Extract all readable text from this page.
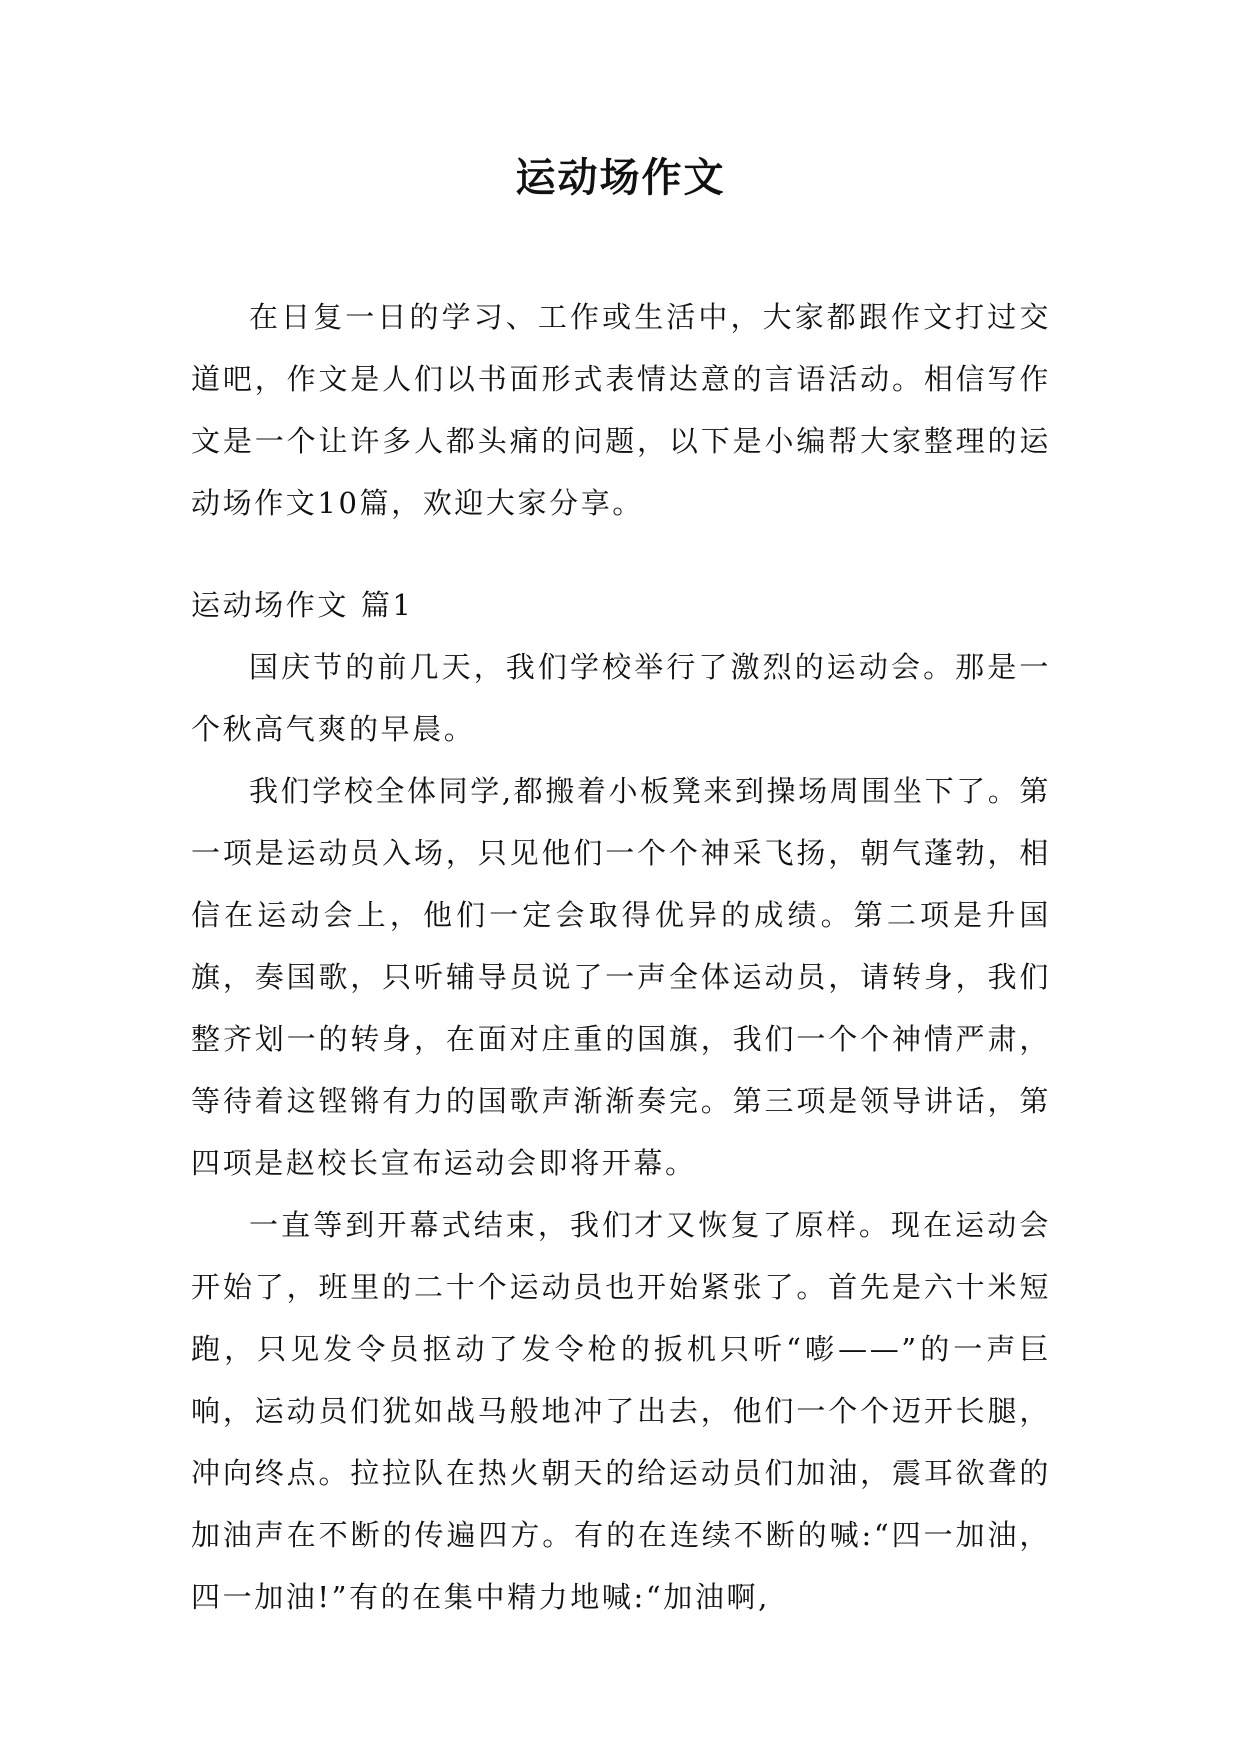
运动场作文

在日复一日的学习、工作或生活中，大家都跟作文打过交道吧，作文是人们以书面形式表情达意的言语活动。相信写作文是一个让许多人都头痛的问题，以下是小编帮大家整理的运动场作文10篇，欢迎大家分享。

运动场作文 篇1

国庆节的前几天，我们学校举行了激烈的运动会。那是一个秋高气爽的早晨。

我们学校全体同学,都搬着小板凳来到操场周围坐下了。第一项是运动员入场，只见他们一个个神采飞扬，朝气蓬勃，相信在运动会上，他们一定会取得优异的成绩。第二项是升国旗，奏国歌，只听辅导员说了一声全体运动员，请转身，我们整齐划一的转身，在面对庄重的国旗，我们一个个神情严肃，等待着这铿锵有力的国歌声渐渐奏完。第三项是领导讲话，第四项是赵校长宣布运动会即将开幕。

一直等到开幕式结束，我们才又恢复了原样。现在运动会开始了，班里的二十个运动员也开始紧张了。首先是六十米短跑，只见发令员抠动了发令枪的扳机只听“嘭——”的一声巨响，运动员们犹如战马般地冲了出去，他们一个个迈开长腿，冲向终点。拉拉队在热火朝天的给运动员们加油，震耳欲聋的加油声在不断的传遍四方。有的在连续不断的喊:“四一加油，四一加油!”有的在集中精力地喊:“加油啊,
